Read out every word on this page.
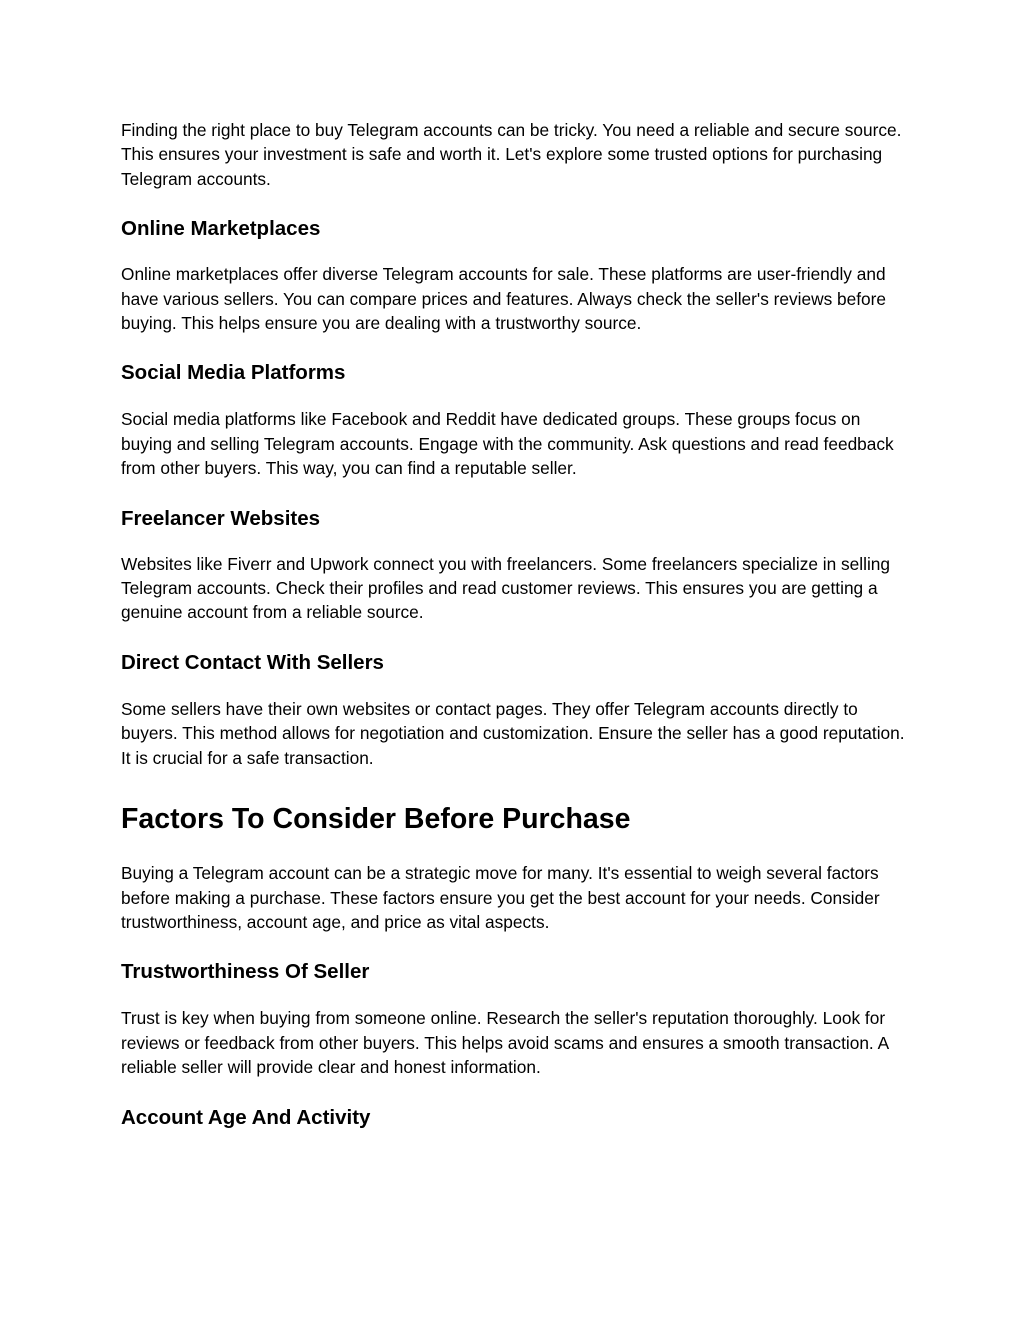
Finding the right place to buy Telegram accounts can be tricky. You need a reliable and secure source. This ensures your investment is safe and worth it. Let's explore some trusted options for purchasing Telegram accounts.

Online Marketplaces

Online marketplaces offer diverse Telegram accounts for sale. These platforms are user-friendly and have various sellers. You can compare prices and features. Always check the seller's reviews before buying. This helps ensure you are dealing with a trustworthy source.

Social Media Platforms

Social media platforms like Facebook and Reddit have dedicated groups. These groups focus on buying and selling Telegram accounts. Engage with the community. Ask questions and read feedback from other buyers. This way, you can find a reputable seller.

Freelancer Websites

Websites like Fiverr and Upwork connect you with freelancers. Some freelancers specialize in selling Telegram accounts. Check their profiles and read customer reviews. This ensures you are getting a genuine account from a reliable source.

Direct Contact With Sellers

Some sellers have their own websites or contact pages. They offer Telegram accounts directly to buyers. This method allows for negotiation and customization. Ensure the seller has a good reputation. It is crucial for a safe transaction.

Factors To Consider Before Purchase

Buying a Telegram account can be a strategic move for many. It's essential to weigh several factors before making a purchase. These factors ensure you get the best account for your needs. Consider trustworthiness, account age, and price as vital aspects.

Trustworthiness Of Seller

Trust is key when buying from someone online. Research the seller's reputation thoroughly. Look for reviews or feedback from other buyers. This helps avoid scams and ensures a smooth transaction. A reliable seller will provide clear and honest information.

Account Age And Activity
